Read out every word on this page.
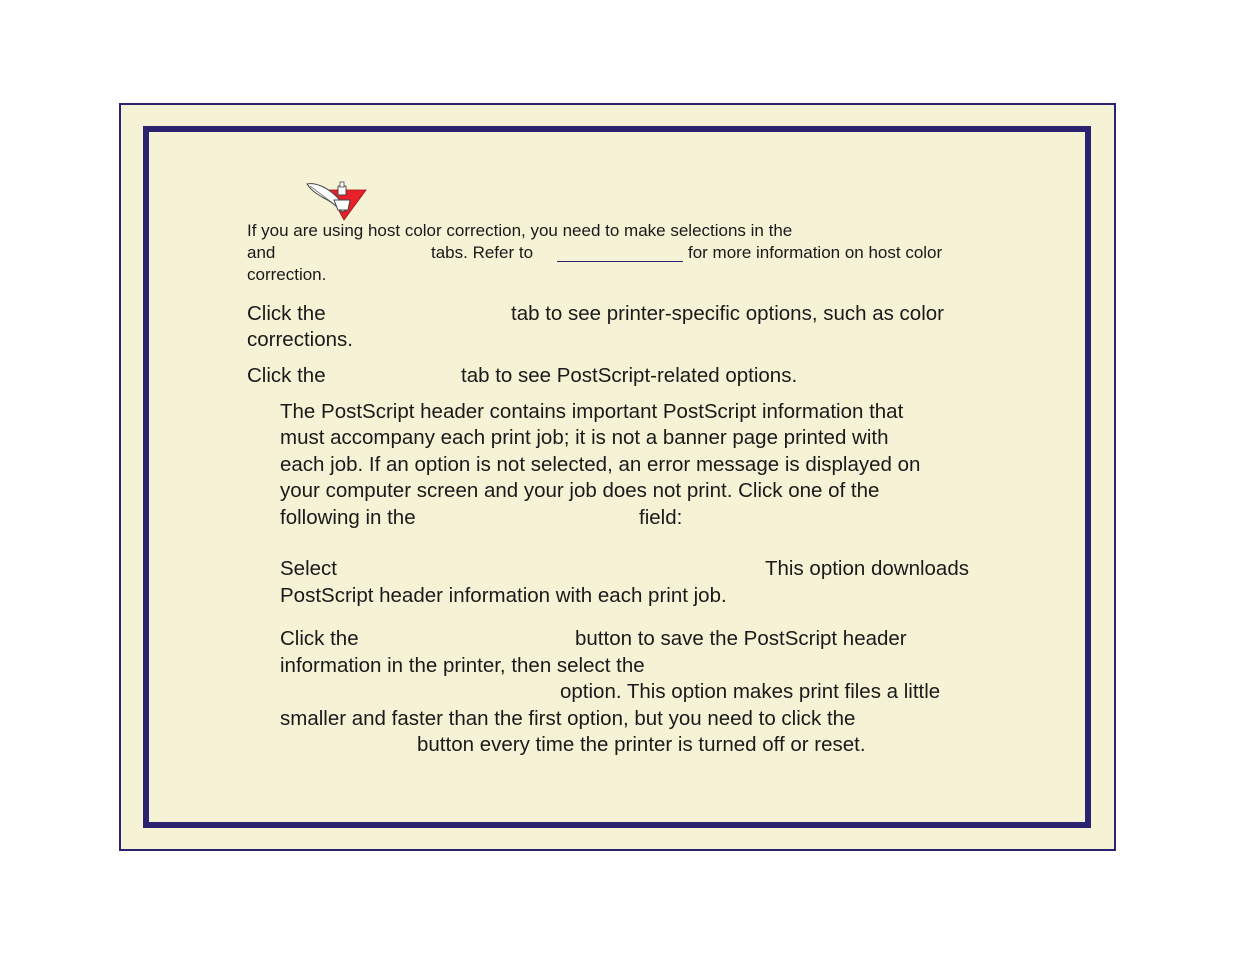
If you are using host color correction, you need to make selections in the
and	tabs. Refer to	for more information on host color
correction.
Click the	tab to see printer-specific options, such as color
corrections.
Click the	tab to see PostScript-related options.
The PostScript header contains important PostScript information that
must accompany each print job; it is not a banner page printed with
each job. If an option is not selected, an error message is displayed on
your computer screen and your job does not print. Click one of the
following in the	field:
Select	This option downloads
PostScript header information with each print job.
Click the	button to save the PostScript header
information in the printer, then select the
option. This option makes print files a little
smaller and faster than the first option, but you need to click the
button every time the printer is turned off or reset.
